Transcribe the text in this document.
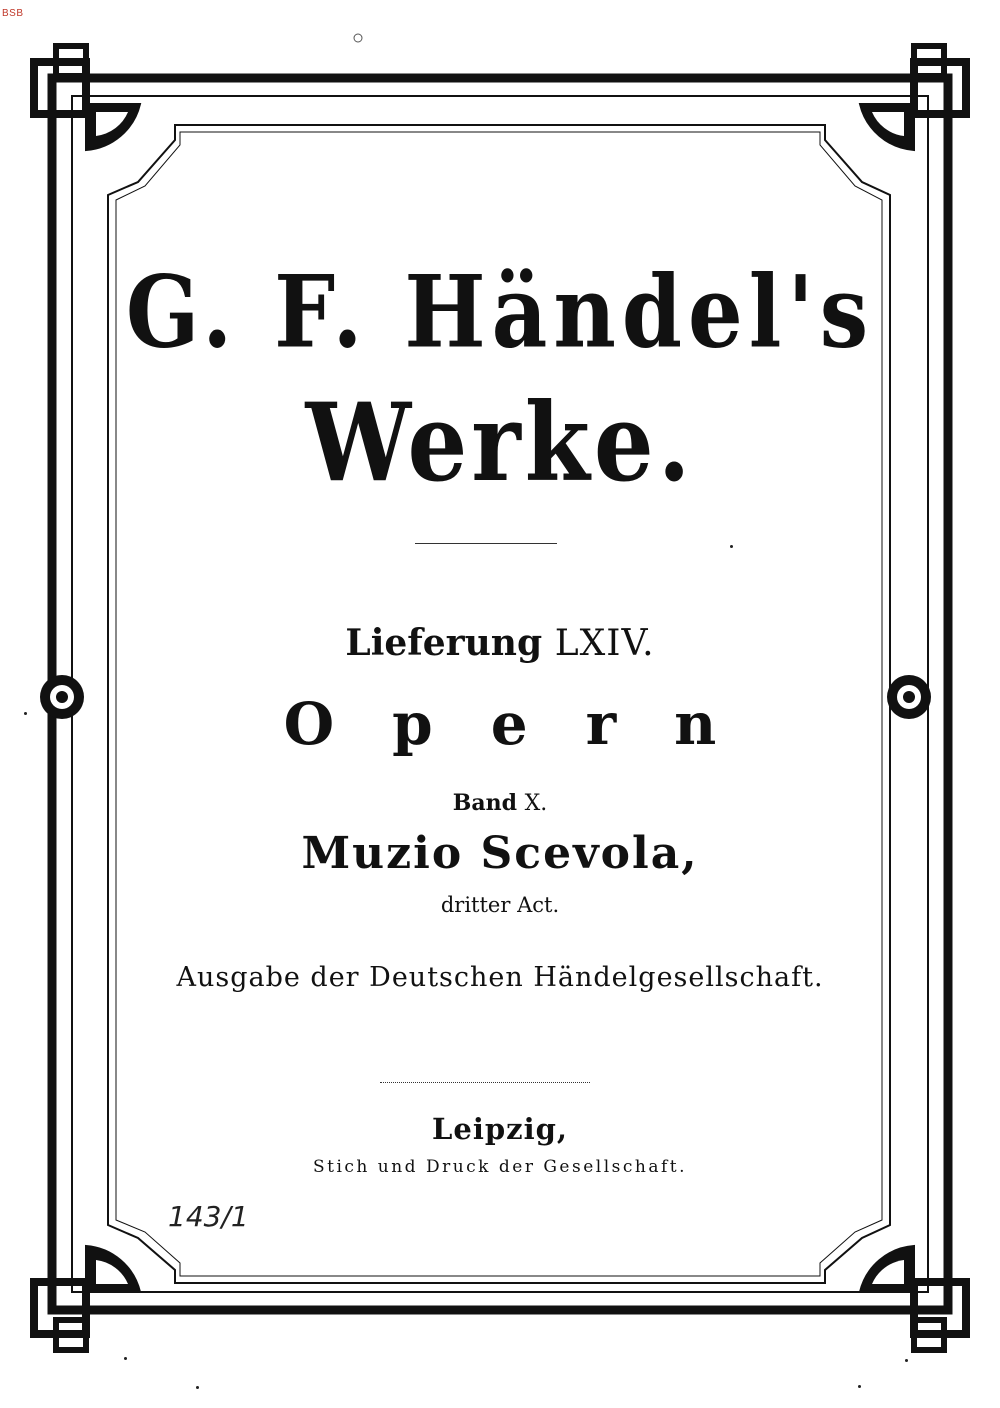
BSB
G. F. Händel's
Werke.
Lieferung LXIV.
Opern
Band X.
Muzio Scevola,
dritter Act.
Ausgabe der Deutschen Händelgesellschaft.
Leipzig,
Stich und Druck der Gesellschaft.
143/1
